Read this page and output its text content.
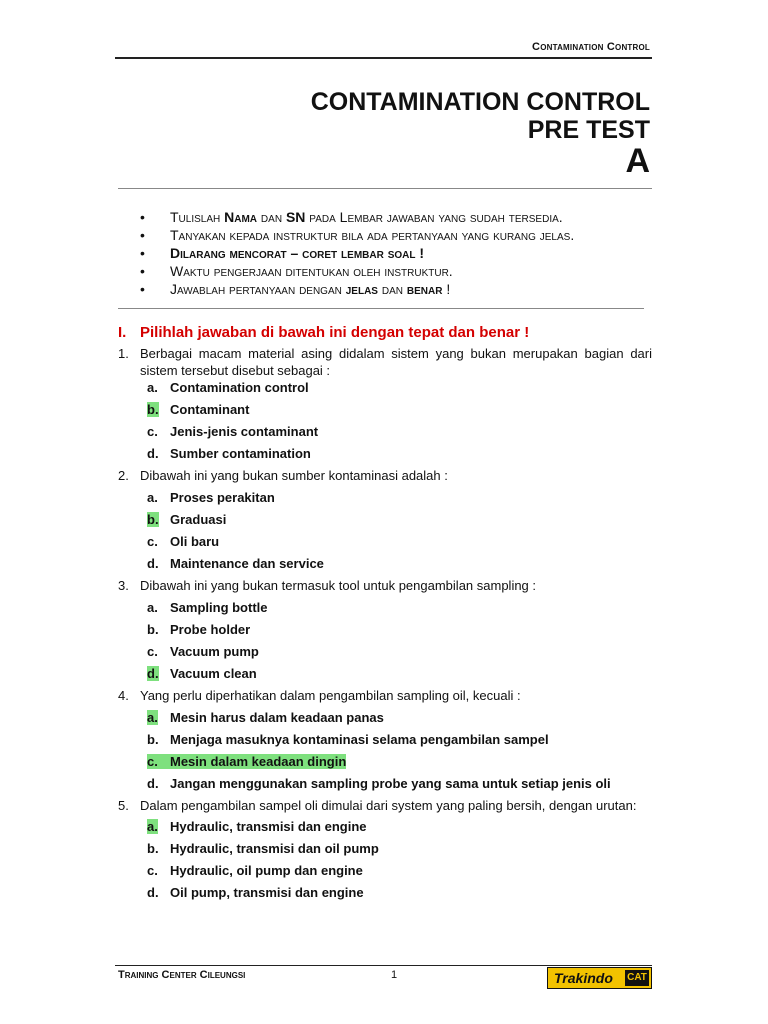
Contamination Control
CONTAMINATION CONTROL
PRE TEST
A
• Tulislah Nama dan SN pada Lembar jawaban yang sudah tersedia.
• Tanyakan kepada instruktur bila ada pertanyaan yang kurang jelas.
• Dilarang mencorat – coret lembar soal !
• Waktu pengerjaan ditentukan oleh instruktur.
• Jawablah pertanyaan dengan jelas dan benar !
I. Pilihlah jawaban di bawah ini dengan tepat dan benar !
1. Berbagai macam material asing didalam sistem yang bukan merupakan bagian dari sistem tersebut disebut sebagai :
a. Contamination control
b. Contaminant
c. Jenis-jenis contaminant
d. Sumber contamination
2. Dibawah ini yang bukan sumber kontaminasi adalah :
a. Proses perakitan
b. Graduasi
c. Oli baru
d. Maintenance dan service
3. Dibawah ini yang bukan termasuk tool untuk pengambilan sampling :
a. Sampling bottle
b. Probe holder
c. Vacuum pump
d. Vacuum clean
4. Yang perlu diperhatikan dalam pengambilan sampling oil, kecuali :
a. Mesin harus dalam keadaan panas
b. Menjaga masuknya kontaminasi selama pengambilan sampel
c. Mesin dalam keadaan dingin
d. Jangan menggunakan sampling probe yang sama untuk setiap jenis oli
5. Dalam pengambilan sampel oli dimulai dari system yang paling bersih, dengan urutan:
a. Hydraulic, transmisi dan engine
b. Hydraulic, transmisi dan oil pump
c. Hydraulic, oil pump dan engine
d. Oil pump, transmisi dan engine
Training Center Cileungsi	1	Trakindo CAT
